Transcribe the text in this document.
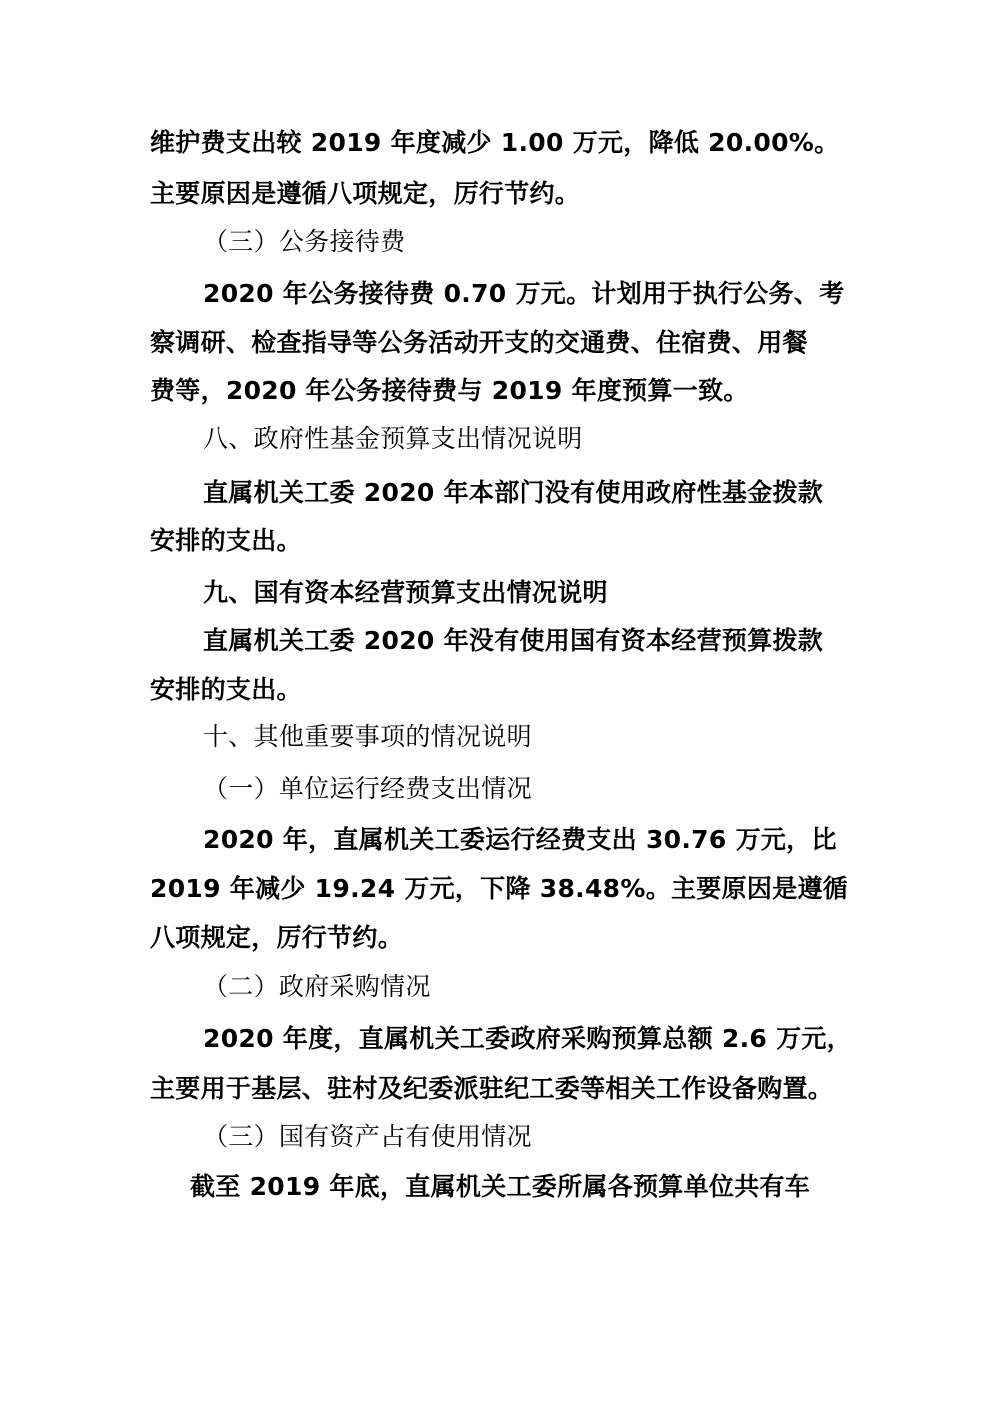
维护费支出较 2019 年度减少 1.00 万元，降低 20.00%。
主要原因是遵循八项规定，厉行节约。
（三）公务接待费
2020 年公务接待费 0.70 万元。计划用于执行公务、考
察调研、检查指导等公务活动开支的交通费、住宿费、用餐
费等，2020 年公务接待费与 2019 年度预算一致。
八、政府性基金预算支出情况说明
直属机关工委 2020 年本部门没有使用政府性基金拨款
安排的支出。
九、国有资本经营预算支出情况说明
直属机关工委 2020 年没有使用国有资本经营预算拨款
安排的支出。
十、其他重要事项的情况说明
（一）单位运行经费支出情况
2020 年，直属机关工委运行经费支出 30.76 万元，比
2019 年减少 19.24 万元，下降 38.48%。主要原因是遵循
八项规定，厉行节约。
（二）政府采购情况
2020 年度，直属机关工委政府采购预算总额 2.6 万元，
主要用于基层、驻村及纪委派驻纪工委等相关工作设备购置。
（三）国有资产占有使用情况
截至 2019 年底，直属机关工委所属各预算单位共有车
